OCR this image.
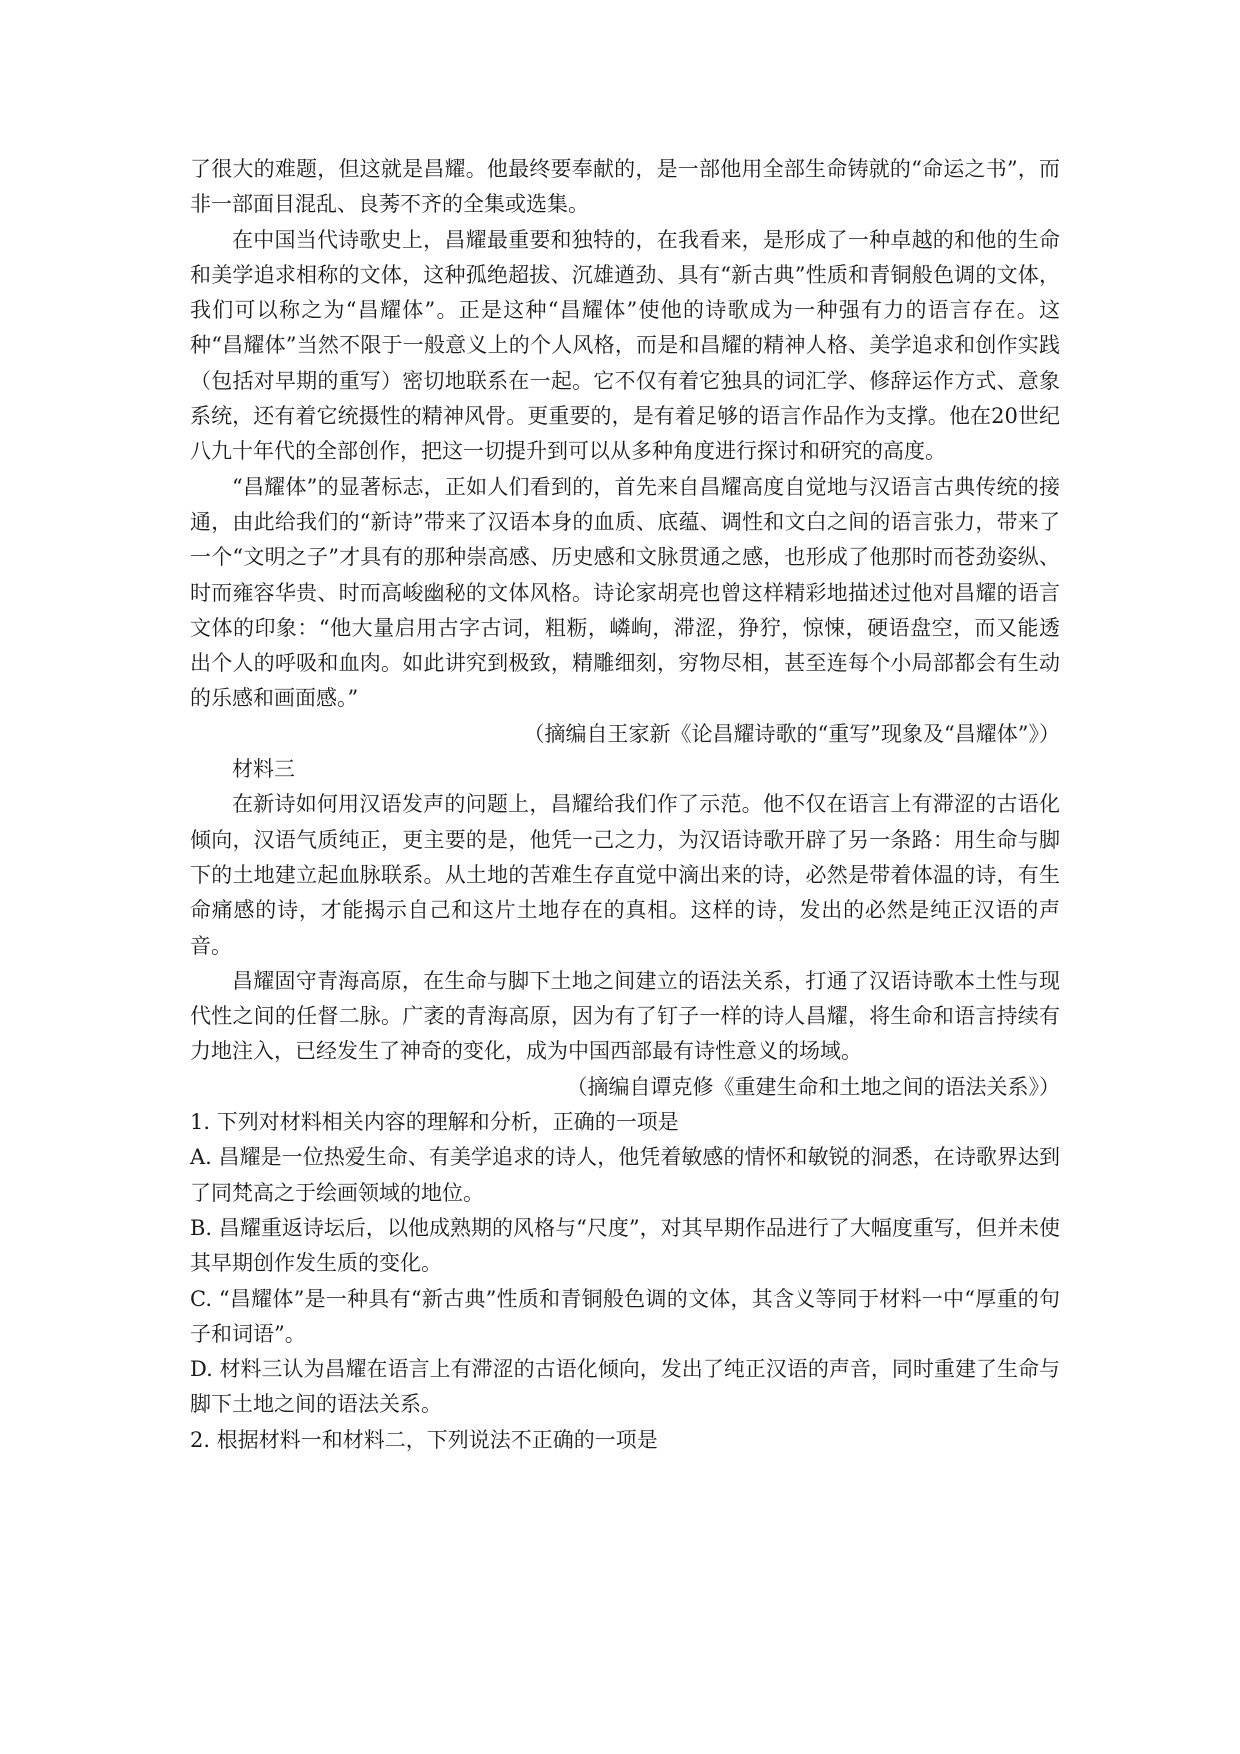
了很大的难题，但这就是昌耀。他最终要奉献的，是一部他用全部生命铸就的“命运之书”，而非一部面目混乱、良莠不齐的全集或选集。

在中国当代诗歌史上，昌耀最重要和独特的，在我看来，是形成了一种卓越的和他的生命和美学追求相称的文体，这种孤绝超拔、沉雄遒劲、具有“新古典”性质和青铜般色调的文体，我们可以称之为“昌耀体”。正是这种“昌耀体”使他的诗歌成为一种强有力的语言存在。这种“昌耀体”当然不限于一般意义上的个人风格，而是和昌耀的精神人格、美学追求和创作实践（包括对早期的重写）密切地联系在一起。它不仅有着它独具的词汇学、修辞运作方式、意象系统，还有着它统摄性的精神风骨。更重要的，是有着足够的语言作品作为支撑。他在20世纪八九十年代的全部创作，把这一切提升到可以从多种角度进行探讨和研究的高度。

“昌耀体”的显著标志，正如人们看到的，首先来自昌耀高度自觉地与汉语言古典传统的接通，由此给我们的“新诗”带来了汉语本身的血质、底蕴、调性和文白之间的语言张力，带来了一个“文明之子”才具有的那种崇高感、历史感和文脉贯通之感，也形成了他那时而苍劲姿纵、时而雍容华贵、时而高峻幽秘的文体风格。诗论家胡亮也曾这样精彩地描述过他对昌耀的语言文体的印象：“他大量启用古字古词，粗粝，嶙峋，滞涩，狰狞，惊悚，硬语盘空，而又能透出个人的呼吸和血肉。如此讲究到极致，精雕细刻，穷物尽相，甚至连每个小局部都会有生动的乐感和画面感。”

（摘编自王家新《论昌耀诗歌的“重写”现象及“昌耀体”》）

材料三

在新诗如何用汉语发声的问题上，昌耀给我们作了示范。他不仅在语言上有滞涩的古语化倾向，汉语气质纯正，更主要的是，他凭一己之力，为汉语诗歌开辟了另一条路：用生命与脚下的土地建立起血脉联系。从土地的苦难生存直觉中滴出来的诗，必然是带着体温的诗，有生命痛感的诗，才能揭示自己和这片土地存在的真相。这样的诗，发出的必然是纯正汉语的声音。

昌耀固守青海高原，在生命与脚下土地之间建立的语法关系，打通了汉语诗歌本土性与现代性之间的任督二脉。广袤的青海高原，因为有了钉子一样的诗人昌耀，将生命和语言持续有力地注入，已经发生了神奇的变化，成为中国西部最有诗性意义的场域。

（摘编自谭克修《重建生命和土地之间的语法关系》）

1. 下列对材料相关内容的理解和分析，正确的一项是

A. 昌耀是一位热爱生命、有美学追求的诗人，他凭着敏感的情怀和敏锐的洞悉，在诗歌界达到了同梵高之于绘画领域的地位。

B. 昌耀重返诗坛后，以他成熟期的风格与“尺度”，对其早期作品进行了大幅度重写，但并未使其早期创作发生质的变化。

C. “昌耀体”是一种具有“新古典”性质和青铜般色调的文体，其含义等同于材料一中“厚重的句子和词语”。

D. 材料三认为昌耀在语言上有滞涩的古语化倾向，发出了纯正汉语的声音，同时重建了生命与脚下土地之间的语法关系。

2. 根据材料一和材料二，下列说法不正确的一项是
